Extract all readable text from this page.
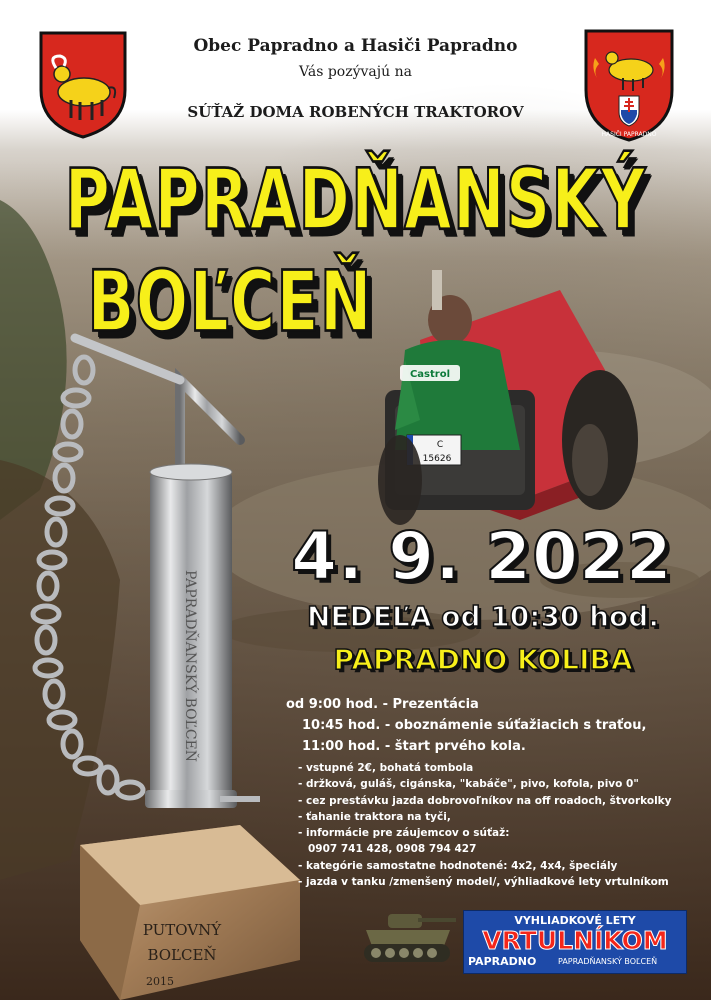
C
15626
Castrol
HASIČI PAPRADNO
Obec Papradno a Hasiči Papradno
Vás pozývajú na
SÚŤAŽ DOMA ROBENÝCH TRAKTOROV
PAPRADŇANSKÝ
BOĽCEŇ
PAPRADŇANSKÝ BOĽCEŇ
PUTOVNÝ
BOĽCEŇ
2015
4. 9. 2022
NEDEĽA od 10:30 hod.
PAPRADNO KOLIBA
od 9:00 hod. - Prezentácia
10:45 hod. - oboznámenie súťažiacich s traťou,
11:00 hod. - štart prvého kola.
- vstupné 2€, bohatá tombola
- držková, guláš, cigánska, "kabáče", pivo, kofola, pivo 0"
- cez prestávku jazda dobrovoľníkov na off roadoch, štvorkolky
- ťahanie traktora na tyči,
- informácie pre záujemcov o súťaž:
0907 741 428, 0908 794 427
- kategórie samostatne hodnotené: 4x2, 4x4, špeciály
- jazda v tanku /zmenšený model/, výhliadkové lety vrtulníkom
VYHLIADKOVÉ LETY
VRTULNÍKOM
PAPRADNO	PAPRADŇANSKÝ BOĽCEŇ
